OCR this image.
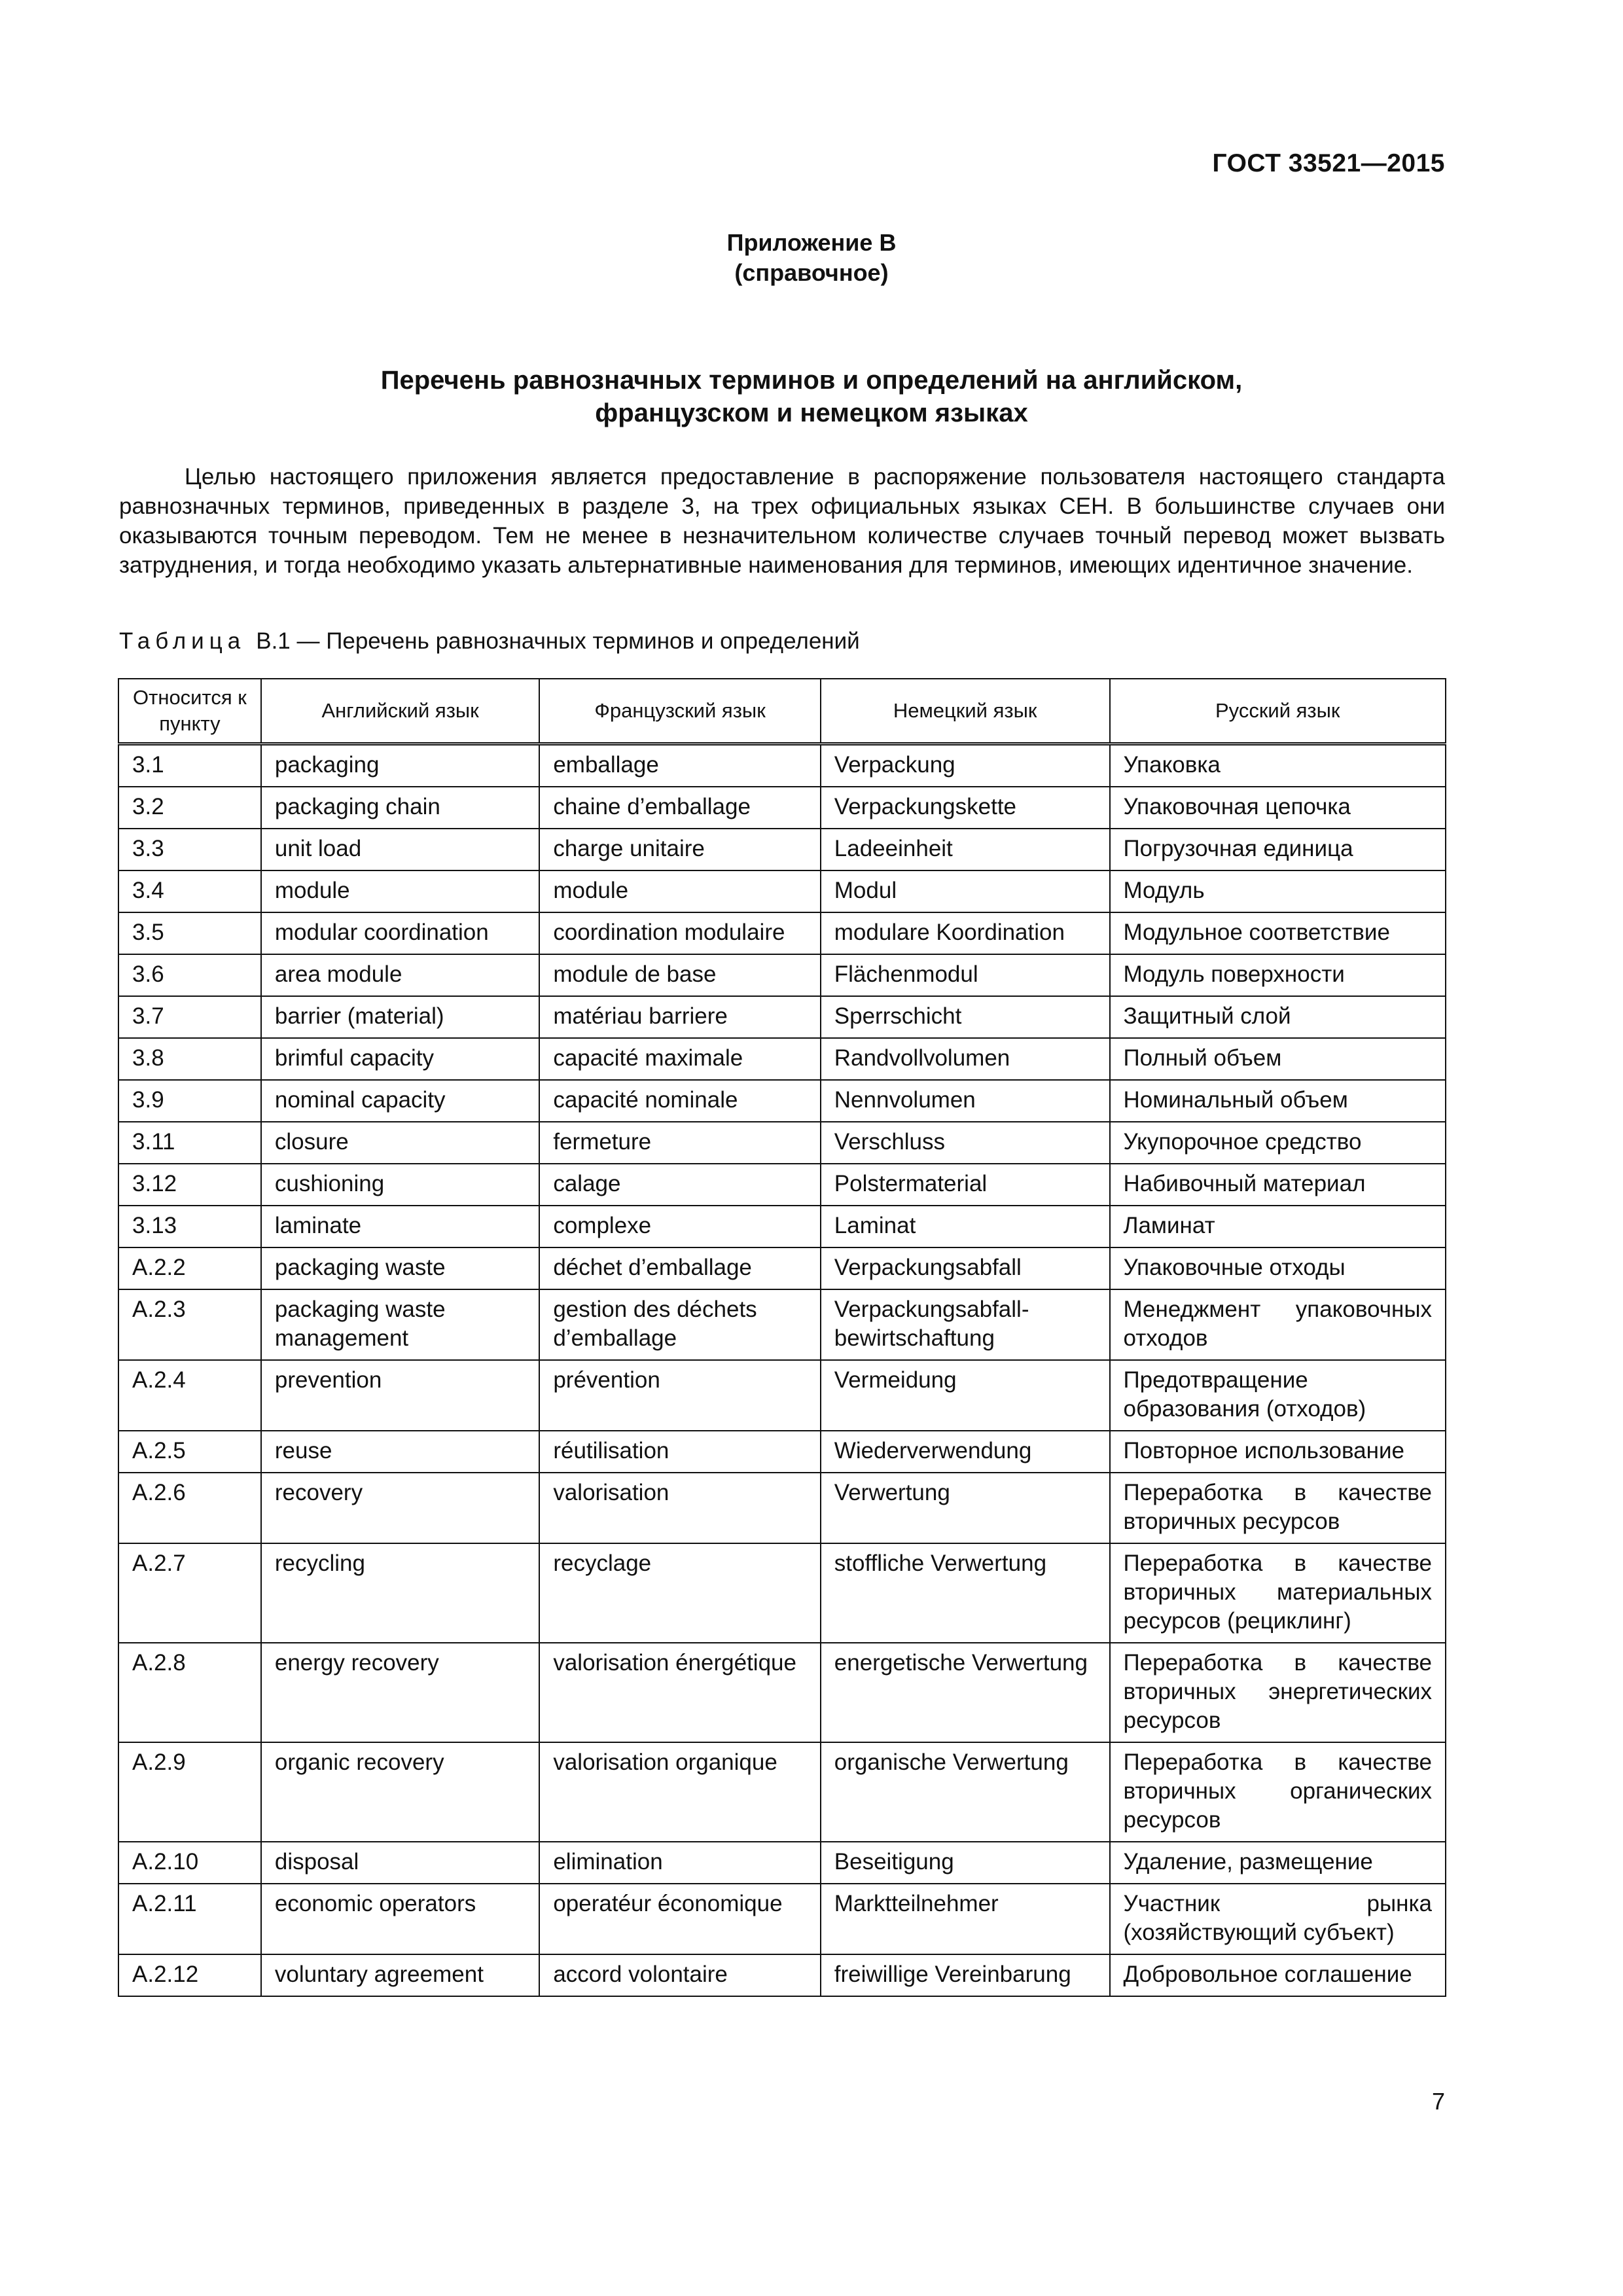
ГОСТ 33521—2015
Приложение В
(справочное)
Перечень равнозначных терминов и определений на английском,
французском и немецком языках

Целью настоящего приложения является предоставление в распоряжение пользователя настоящего стандарта равнозначных терминов, приведенных в разделе 3, на трех официальных языках СЕН. В большинстве случаев они оказываются точным переводом. Тем не менее в незначительном количестве случаев точный перевод может вызвать затруднения, и тогда необходимо указать альтернативные наименования для терминов, имеющих идентичное значение.

Таблица В.1 — Перечень равнозначных терминов и определений
Относится к пункту	Английский язык	Французский язык	Немецкий язык	Русский язык
3.1	packaging	emballage	Verpackung	Упаковка
3.2	packaging chain	chaine d’emballage	Verpackungskette	Упаковочная цепочка
3.3	unit load	charge unitaire	Ladeeinheit	Погрузочная единица
3.4	module	module	Modul	Модуль
3.5	modular coordination	coordination modulaire	modulare Koordination	Модульное соответствие
3.6	area module	module de base	Flächenmodul	Модуль поверхности
3.7	barrier (material)	matériau barriere	Sperrschicht	Защитный слой
3.8	brimful capacity	capacité maximale	Randvollvolumen	Полный объем
3.9	nominal capacity	capacité nominale	Nennvolumen	Номинальный объем
3.11	closure	fermeture	Verschluss	Укупорочное средство
3.12	cushioning	calage	Polstermaterial	Набивочный материал
3.13	laminate	complexe	Laminat	Ламинат
А.2.2	packaging waste	déchet d’emballage	Verpackungsabfall	Упаковочные отходы
А.2.3	packaging waste management	gestion des déchets d’emballage	Verpackungsabfall-bewirtschaftung	Менеджмент упаковочных отходов
А.2.4	prevention	prévention	Vermeidung	Предотвращение образования (отходов)
А.2.5	reuse	réutilisation	Wiederverwendung	Повторное использование
А.2.6	recovery	valorisation	Verwertung	Переработка в качестве вторичных ресурсов
А.2.7	recycling	recyclage	stoffliche Verwertung	Переработка в качестве вторичных материальных ресурсов (рециклинг)
А.2.8	energy recovery	valorisation énergétique	energetische Verwertung	Переработка в качестве вторичных энергетических ресурсов
А.2.9	organic recovery	valorisation organique	organische Verwertung	Переработка в качестве вторичных органических ресурсов
А.2.10	disposal	elimination	Beseitigung	Удаление, размещение
А.2.11	economic operators	operatéur économique	Marktteilnehmer	Участник рынка (хозяйствующий субъект)
А.2.12	voluntary agreement	accord volontaire	freiwillige Vereinbarung	Добровольное соглашение
7
